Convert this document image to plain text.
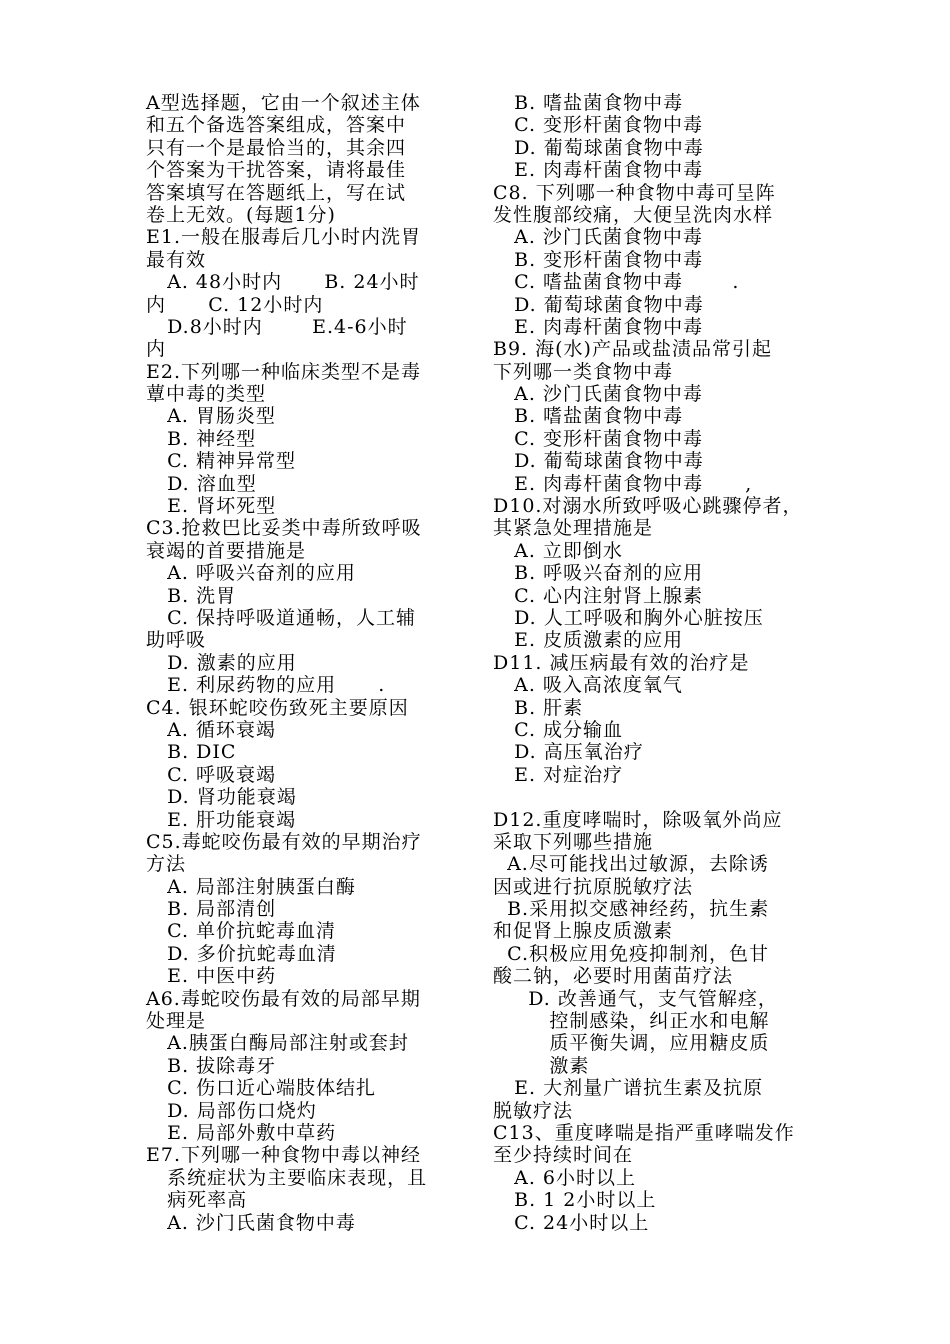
A型选择题，它由一个叙述主体
和五个备选答案组成，答案中
只有一个是最恰当的，其余四
个答案为干扰答案，请将最佳
答案填写在答题纸上，写在试
卷上无效。(每题1分)
E1.一般在服毒后几小时内洗胃
最有效
A. 48小时内      B. 24小时
内      C. 12小时内
D.8小时内       E.4-6小时
内
E2.下列哪一种临床类型不是毒
蕈中毒的类型
A. 胃肠炎型
B. 神经型
C. 精神异常型
D. 溶血型
E. 肾坏死型
C3.抢救巴比妥类中毒所致呼吸
衰竭的首要措施是
A. 呼吸兴奋剂的应用
B. 洗胃
C. 保持呼吸道通畅，人工辅
助呼吸
D. 激素的应用
E. 利尿药物的应用      .
C4. 银环蛇咬伤致死主要原因
A. 循环衰竭
B. DIC
C. 呼吸衰竭
D. 肾功能衰竭
E. 肝功能衰竭
C5.毒蛇咬伤最有效的早期治疗
方法
A. 局部注射胰蛋白酶
B. 局部清创
C. 单价抗蛇毒血清
D. 多价抗蛇毒血清
E. 中医中药
A6.毒蛇咬伤最有效的局部早期
处理是
A.胰蛋白酶局部注射或套封
B. 拔除毒牙
C. 伤口近心端肢体结扎
D. 局部伤口烧灼
E. 局部外敷中草药
E7.下列哪一种食物中毒以神经
系统症状为主要临床表现，且
病死率高
A. 沙门氏菌食物中毒
B. 嗜盐菌食物中毒
C. 变形杆菌食物中毒
D. 葡萄球菌食物中毒
E. 肉毒杆菌食物中毒
C8. 下列哪一种食物中毒可呈阵
发性腹部绞痛，大便呈洗肉水样
A. 沙门氏菌食物中毒
B. 变形杆菌食物中毒
C. 嗜盐菌食物中毒       .
D. 葡萄球菌食物中毒
E. 肉毒杆菌食物中毒
B9. 海(水)产品或盐渍品常引起
下列哪一类食物中毒
A. 沙门氏菌食物中毒
B. 嗜盐菌食物中毒
C. 变形杆菌食物中毒
D. 葡萄球菌食物中毒
E. 肉毒杆菌食物中毒      ,
D10.对溺水所致呼吸心跳骤停者，
其紧急处理措施是
A. 立即倒水
B. 呼吸兴奋剂的应用
C. 心内注射肾上腺素
D. 人工呼吸和胸外心脏按压
E. 皮质激素的应用
D11. 减压病最有效的治疗是
A. 吸入高浓度氧气
B. 肝素
C. 成分输血
D. 高压氧治疗
E. 对症治疗
D12.重度哮喘时，除吸氧外尚应
采取下列哪些措施
A.尽可能找出过敏源，去除诱
因或进行抗原脱敏疗法
B.采用拟交感神经药，抗生素
和促肾上腺皮质激素
C.积极应用免疫抑制剂，色甘
酸二钠，必要时用菌苗疗法
D. 改善通气，支气管解痉，
控制感染，纠正水和电解
质平衡失调，应用糖皮质
激素
E. 大剂量广谱抗生素及抗原
脱敏疗法
C13、重度哮喘是指严重哮喘发作
至少持续时间在
A. 6小时以上
B. 1 2小时以上
C. 24小时以上
